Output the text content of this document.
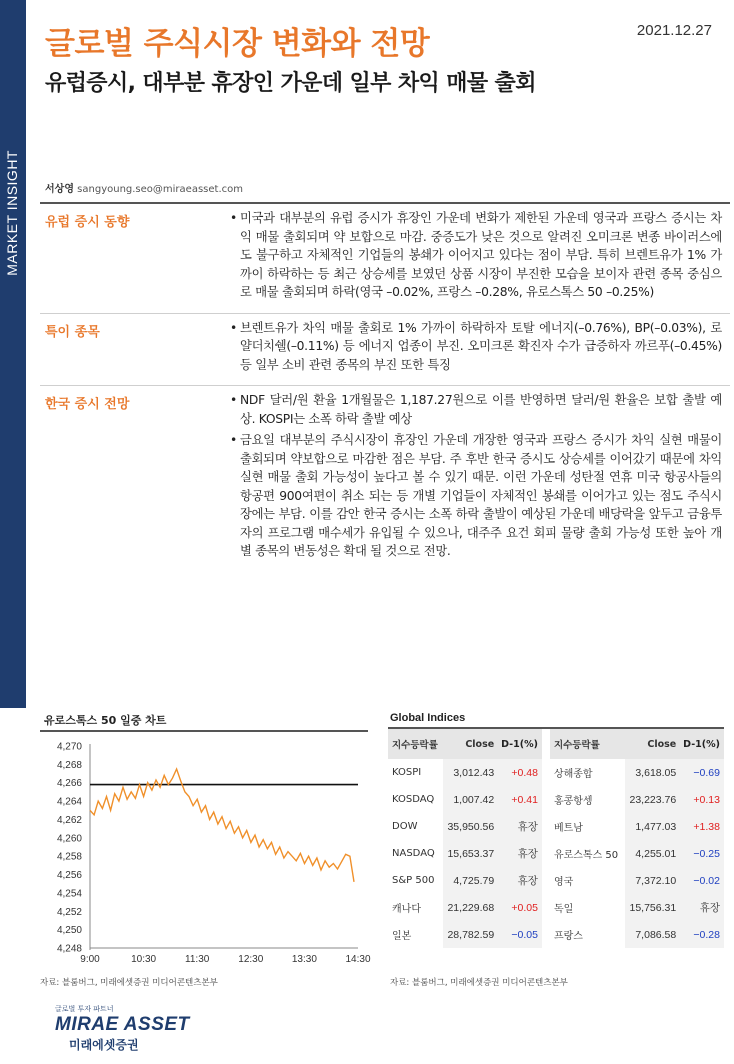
MARKET INSIGHT
글로벌 주식시장 변화와 전망	2021.12.27
유럽증시, 대부분 휴장인 가운데 일부 차익 매물 출회
서상영 sangyoung.seo@miraeasset.com
유럽 증시 동향	• 미국과 대부분의 유럽 증시가 휴장인 가운데 변화가 제한된 가운데 영국과 프랑스 증시는 차익 매물 출회되며 약 보합으로 마감. 중증도가 낮은 것으로 알려진 오미크론 변종 바이러스에도 불구하고 자체적인 기업들의 봉쇄가 이어지고 있다는 점이 부담. 특히 브렌트유가 1% 가까이 하락하는 등 최근 상승세를 보였던 상품 시장이 부진한 모습을 보이자 관련 종목 중심으로 매물 출회되며 하락(영국 –0.02%, 프랑스 –0.28%, 유로스톡스 50 –0.25%)
특이 종목	• 브렌트유가 차익 매물 출회로 1% 가까이 하락하자 토탈 에너지(–0.76%), BP(–0.03%), 로얄더치쉘(–0.11%) 등 에너지 업종이 부진. 오미크론 확진자 수가 급증하자 까르푸(–0.45%) 등 일부 소비 관련 종목의 부진 또한 특징
한국 증시 전망	• NDF 달러/원 환율 1개월물은 1,187.27원으로 이를 반영하면 달러/원 환율은 보합 출발 예상. KOSPI는 소폭 하락 출발 예상
• 금요일 대부분의 주식시장이 휴장인 가운데 개장한 영국과 프랑스 증시가 차익 실현 매물이 출회되며 약보합으로 마감한 점은 부담. 주 후반 한국 증시도 상승세를 이어갔기 때문에 차익 실현 매물 출회 가능성이 높다고 볼 수 있기 때문. 이런 가운데 성탄절 연휴 미국 항공사들의 항공편 900여편이 취소 되는 등 개별 기업들이 자체적인 봉쇄를 이어가고 있는 점도 주식시장에는 부담. 이를 감안 한국 증시는 소폭 하락 출발이 예상된 가운데 배당락을 앞두고 금융투자의 프로그램 매수세가 유입될 수 있으나, 대주주 요건 회피 물량 출회 가능성 또한 높아 개별 종목의 변동성은 확대 될 것으로 전망.
유로스톡스 50 일중 차트
4,270
4,268
4,266
4,264
4,262
4,260
4,258
4,256
4,254
4,252
4,250
4,248
9:00	10:30	11:30	12:30	13:30	14:30
자료: 블룸버그, 미래에셋증권 미디어콘텐츠본부
Global Indices
지수등락률	Close	D-1(%)		지수등락률	Close	D-1(%)
KOSPI	3,012.43	+0.48		상해종합	3,618.05	−0.69
KOSDAQ	1,007.42	+0.41		홍콩항셍	23,223.76	+0.13
DOW	35,950.56	휴장		베트남	1,477.03	+1.38
NASDAQ	15,653.37	휴장		유로스톡스 50	4,255.01	−0.25
S&P 500	4,725.79	휴장		영국	7,372.10	−0.02
캐나다	21,229.68	+0.05		독일	15,756.31	휴장
일본	28,782.59	−0.05		프랑스	7,086.58	−0.28
자료: 블룸버그, 미래에셋증권 미디어콘텐츠본부
글로벌 투자 파트너
MIRAE ASSET
미래에셋증권
